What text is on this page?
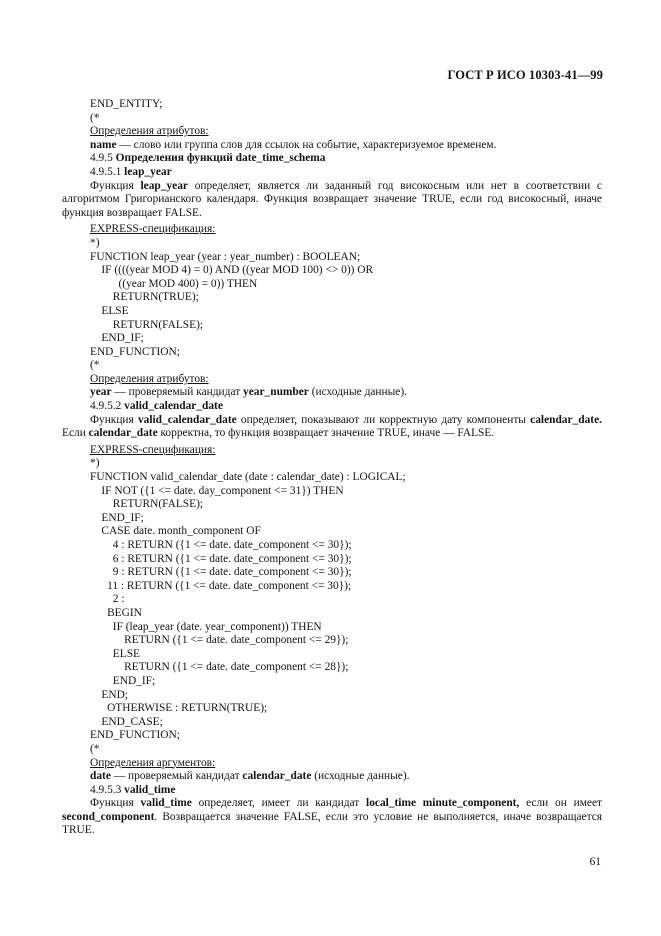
ГОСТ Р ИСО 10303-41—99
END_ENTITY;
(*
Определения атрибутов:
name — слово или группа слов для ссылок на событие, характеризуемое временем.
4.9.5 Определения функций date_time_schema
4.9.5.1 leap_year

Функция leap_year определяет, является ли заданный год високосным или нет в соответствии с алгоритмом Григорианского календаря. Функция возвращает значение TRUE, если год високосный, иначе функция возвращает FALSE.

EXPRESS-спецификация:
*)
FUNCTION leap_year (year : year_number) : BOOLEAN;
IF ((((year MOD 4) = 0) AND ((year MOD 100) <> 0)) OR
((year MOD 400) = 0)) THEN
RETURN(TRUE);
ELSE
RETURN(FALSE);
END_IF;
END_FUNCTION;
(*
Определения атрибутов:
year — проверяемый кандидат year_number (исходные данные).
4.9.5.2 valid_calendar_date

Функция valid_calendar_date определяет, показывают ли корректную дату компоненты calendar_date. Если calendar_date корректна, то функция возвращает значение TRUE, иначе — FALSE.

EXPRESS-спецификация:
*)
FUNCTION valid_calendar_date (date : calendar_date) : LOGICAL;
IF NOT ({1 <= date. day_component <= 31}) THEN
RETURN(FALSE);
END_IF;
CASE date. month_component OF
4 : RETURN ({1 <= date. date_component <= 30});
6 : RETURN ({1 <= date. date_component <= 30});
9 : RETURN ({1 <= date. date_component <= 30});
11 : RETURN ({1 <= date. date_component <= 30});
2 :
BEGIN
IF (leap_year (date. year_component)) THEN
RETURN ({1 <= date. date_component <= 29});
ELSE
RETURN ({1 <= date. date_component <= 28});
END_IF;
END;
OTHERWISE : RETURN(TRUE);
END_CASE;
END_FUNCTION;
(*
Определения аргументов:
date — проверяемый кандидат calendar_date (исходные данные).
4.9.5.3 valid_time

Функция valid_time определяет, имеет ли кандидат local_time minute_component, если он имеет second_component. Возвращается значение FALSE, если это условие не выполняется, иначе возвращается TRUE.

61
